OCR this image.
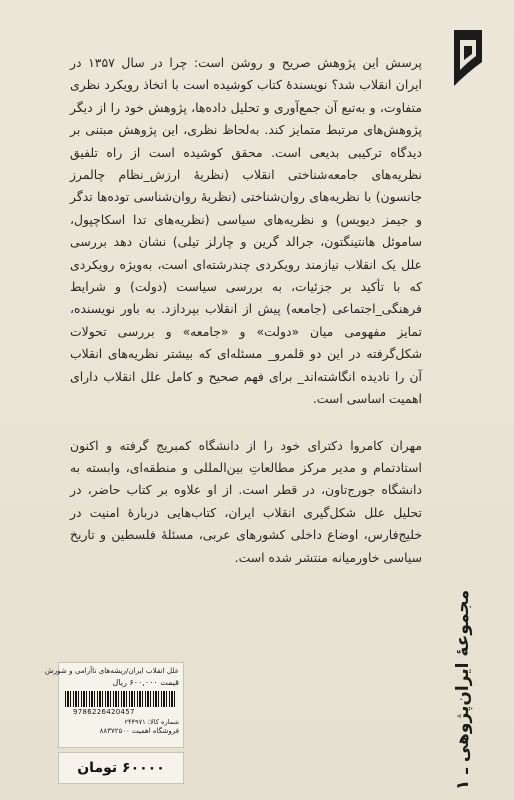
پرسش این پژوهش صریح و روشن است: چرا در سال ۱۳۵۷ در ایران انقلاب شد؟ نویسندهٔ کتاب کوشیده است با اتخاذ رویکرد نظری متفاوت، و به‌تبع آن جمع‌آوری و تحلیل داده‌ها، پژوهش خود را از دیگر پژوهش‌های مرتبط متمایز کند. به‌لحاظ نظری، این پژوهش مبتنی بر دیدگاه ترکیبی بدیعی است. محقق کوشیده است از راه تلفیق نظریه‌های جامعه‌شناختی انقلاب (نظریهٔ ارزش_نظام چالمرز جانسون) با نظریه‌های روان‌شناختی (نظریهٔ روان‌شناسی توده‌ها تدگر و جیمز دیویس) و نظریه‌های سیاسی (نظریه‌های تدا اسکاچپول، ساموئل هانتینگتون، جرالد گرین و چارلز تیلی) نشان دهد بررسی علل یک انقلاب نیازمند رویکردی چندرشته‌ای است، به‌ویژه رویکردی که با تأکید بر جزئیات، به بررسی سیاست (دولت) و شرایط فرهنگی_اجتماعی (جامعه) پیش از انقلاب بپردازد. به باور نویسنده، تمایز مفهومی میان «دولت» و «جامعه» و بررسی تحولات شکل‌گرفته در این دو قلمرو_ مسئله‌ای که بیشتر نظریه‌های انقلاب آن را نادیده انگاشته‌اند_ برای فهم صحیح و کامل علل انقلاب دارای اهمیت اساسی است.

مهران کامروا دکترای خود را از دانشگاه کمبریج گرفته و اکنون استادتمام و مدیر مرکز مطالعاتِ بین‌المللی و منطقه‌ای، وابسته به دانشگاه جورج‌تاون، در قطر است. از او علاوه بر کتاب حاضر، در تحلیل علل شکل‌گیری انقلاب ایران، کتاب‌هایی دربارهٔ امنیت در خلیج‌فارس، اوضاع داخلی کشورهای عربی، مسئلهٔ فلسطین و تاریخ سیاسی خاورمیانه منتشر شده است.

مجموعهٔ ایران‌پژوهی ـ ۱
علل انقلاب ایران/ریشه‌های ناآرامی و شورش
قیمت ۶۰۰,۰۰۰ ریال
9786226420457
شماره کالا: ۲۴۴۹۷۱
فروشگاه اهمیت ۸۸۳۷۲۵۰۰
۶۰۰۰۰ تومان
